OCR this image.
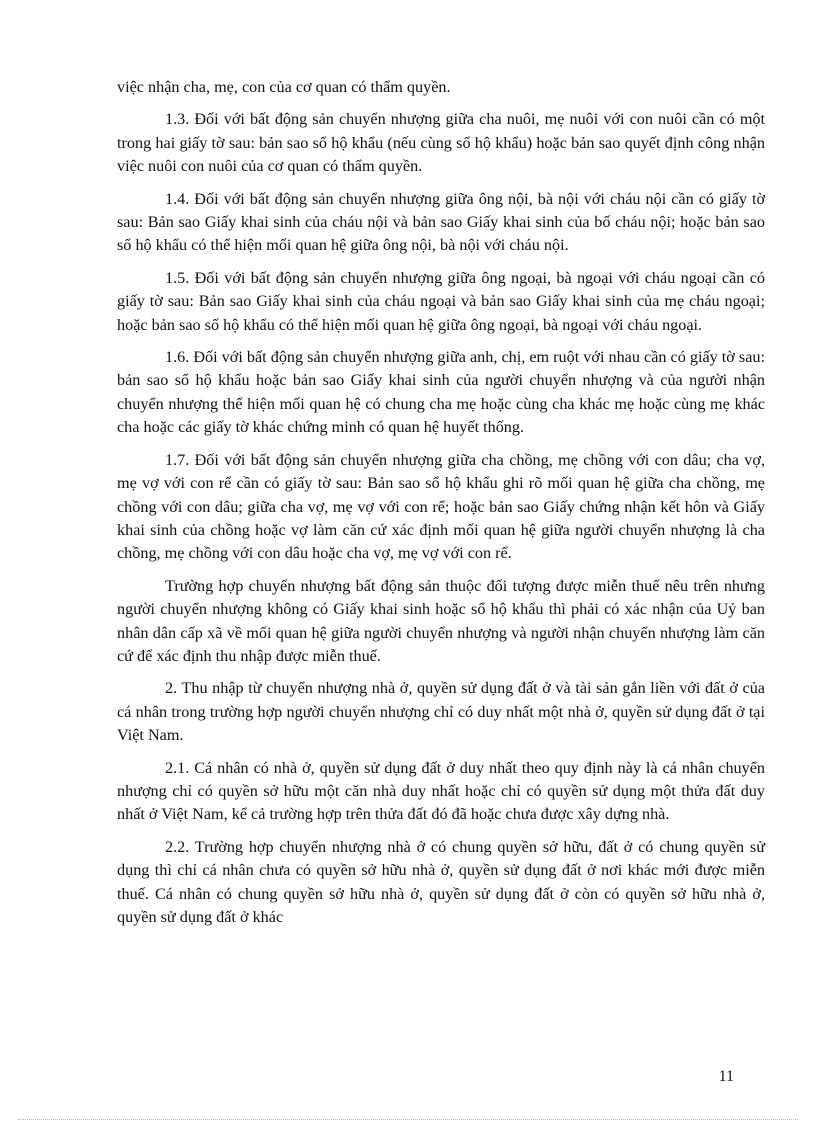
việc nhận cha, mẹ, con của cơ quan có thẩm quyền.

1.3. Đối với bất động sản chuyển nhượng giữa cha nuôi, mẹ nuôi với con nuôi cần có một trong hai giấy tờ sau: bản sao sổ hộ khẩu (nếu cùng sổ hộ khẩu) hoặc bản sao quyết định công nhận việc nuôi con nuôi của cơ quan có thẩm quyền.

1.4. Đối với bất động sản chuyển nhượng giữa ông nội, bà nội với cháu nội cần có giấy tờ sau: Bản sao Giấy khai sinh của cháu nội và bản sao Giấy khai sinh của bố cháu nội; hoặc bản sao sổ hộ khẩu có thể hiện mối quan hệ giữa ông nội, bà nội với cháu nội.

1.5. Đối với bất động sản chuyển nhượng giữa ông ngoại, bà ngoại với cháu ngoại cần có giấy tờ sau: Bản sao Giấy khai sinh của cháu ngoại và bản sao Giấy khai sinh của mẹ cháu ngoại; hoặc bản sao sổ hộ khẩu có thể hiện mối quan hệ giữa ông ngoại, bà ngoại với cháu ngoại.

1.6. Đối với bất động sản chuyển nhượng giữa anh, chị, em ruột với nhau cần có giấy tờ sau: bản sao sổ hộ khẩu hoặc bản sao Giấy khai sinh của người chuyển nhượng và của người nhận chuyển nhượng thể hiện mối quan hệ có chung cha mẹ hoặc cùng cha khác mẹ hoặc cùng mẹ khác cha hoặc các giấy tờ khác chứng minh có quan hệ huyết thống.

1.7. Đối với bất động sản chuyển nhượng giữa cha chồng, mẹ chồng với con dâu; cha vợ, mẹ vợ với con rể cần có giấy tờ sau: Bản sao sổ hộ khẩu ghi rõ mối quan hệ giữa cha chồng, mẹ chồng với con dâu; giữa cha vợ, mẹ vợ với con rể; hoặc bản sao Giấy chứng nhận kết hôn và Giấy khai sinh của chồng hoặc vợ làm căn cứ xác định mối quan hệ giữa người chuyển nhượng là cha chồng, mẹ chồng với con dâu hoặc cha vợ, mẹ vợ với con rể.

Trường hợp chuyển nhượng bất động sản thuộc đối tượng được miễn thuế nêu trên nhưng người chuyển nhượng không có Giấy khai sinh hoặc sổ hộ khẩu thì phải có xác nhận của Uỷ ban nhân dân cấp xã về mối quan hệ giữa người chuyển nhượng và người nhận chuyển nhượng làm căn cứ để xác định thu nhập được miễn thuế.

2. Thu nhập từ chuyển nhượng nhà ở, quyền sử dụng đất ở và tài sản gắn liền với đất ở của cá nhân trong trường hợp người chuyển nhượng chỉ có duy nhất một nhà ở, quyền sử dụng đất ở tại Việt Nam.

2.1. Cá nhân có nhà ở, quyền sử dụng đất ở duy nhất theo quy định này là cá nhân chuyển nhượng chỉ có quyền sở hữu một căn nhà duy nhất hoặc chỉ có quyền sử dụng một thửa đất duy nhất ở Việt Nam, kể cả trường hợp trên thửa đất đó đã hoặc chưa được xây dựng nhà.

2.2. Trường hợp chuyển nhượng nhà ở có chung quyền sở hữu, đất ở có chung quyền sử dụng thì chỉ cá nhân chưa có quyền sở hữu nhà ở, quyền sử dụng đất ở nơi khác mới được miễn thuế. Cá nhân có chung quyền sở hữu nhà ở, quyền sử dụng đất ở còn có quyền sở hữu nhà ở, quyền sử dụng đất ở khác

11
